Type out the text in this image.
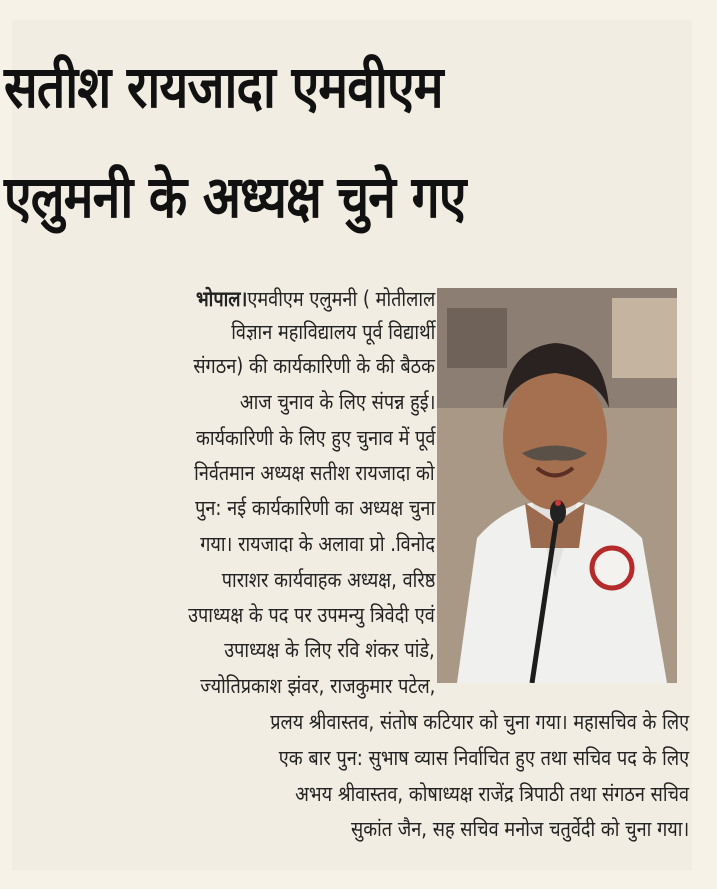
सतीश रायजादा एमवीएम
एलुमनी के अध्यक्ष चुने गए
भोपाल।एमवीएम एलुमनी ( मोतीलाल
विज्ञान महाविद्यालय पूर्व विद्यार्थी
संगठन) की कार्यकारिणी के की बैठक
आज चुनाव के लिए संपन्न हुई।
कार्यकारिणी के लिए हुए चुनाव में पूर्व
निर्वतमान अध्यक्ष सतीश रायजादा को
पुन: नई कार्यकारिणी का अध्यक्ष चुना
गया। रायजादा के अलावा प्रो .विनोद
पाराशर कार्यवाहक अध्यक्ष, वरिष्ठ
उपाध्यक्ष के पद पर उपमन्यु त्रिवेदी एवं
उपाध्यक्ष के लिए रवि शंकर पांडे,
ज्योतिप्रकाश झंवर, राजकुमार पटेल,
प्रलय श्रीवास्तव, संतोष कटियार को चुना गया। महासचिव के लिए
एक बार पुन: सुभाष व्यास निर्वाचित हुए तथा सचिव पद के लिए
अभय श्रीवास्तव, कोषाध्यक्ष राजेंद्र त्रिपाठी तथा संगठन सचिव
सुकांत जैन, सह सचिव मनोज चतुर्वेदी को चुना गया।
